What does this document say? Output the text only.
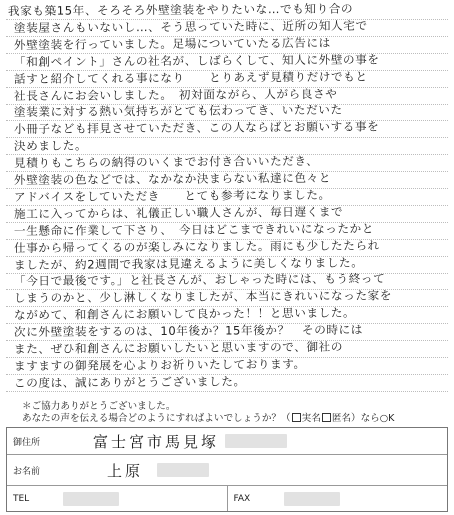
我家も築15年、そろそろ外壁塗装をやりたいな…でも知り合の
塗装屋さんもいないし…、そう思っていた時に、近所の知人宅で
外壁塗装を行っていました。足場についていたる広告には
「和創ペイント」さんの社名が、しばらくして、知人に外壁の事を
話すと紹介してくれる事になり　　とりあえず見積りだけでもと
社長さんにお会いしました。　初対面ながら、人がら良さや
塗装業に対する熱い気持ちがとても伝わってき、いただいた
小冊子なども拝見させていただき、この人ならばとお願いする事を
決めました。
見積りもこちらの納得のいくまでお付き合いいただき、
外壁塗装の色などでは、なかなか決まらない私達に色々と
アドバイスをしていただき　　とても参考になりました。
施工に入ってからは、礼儀正しい職人さんが、毎日遅くまで
一生懸命に作業して下さり、　今日はどこまできれいになったかと
仕事から帰ってくるのが楽しみになりました。雨にも少したたられ
ましたが、約2週間で我家は見違えるように美しくなりました。
「今日で最後です。」と社長さんが、おしゃった時には、もう終って
しまうのかと、少し淋しくなりましたが、本当にきれいになった家を
ながめて、和創さんにお願いして良かった！！と思いました。
次に外壁塗装をするのは、10年後か？15年後か？　その時には
また、ぜひ和創さんにお願いしたいと思いますので、御社の
ますますの御発展を心よりお祈りいたしております。
この度は、誠にありがとうございました。
＊ご協力ありがとうございました。
あなたの声を伝える場合どのようにすればよいでしょうか？（ 実名 匿名 ）なら○K
御住所	富士宮市馬見塚
お名前	上原
TEL	FAX
